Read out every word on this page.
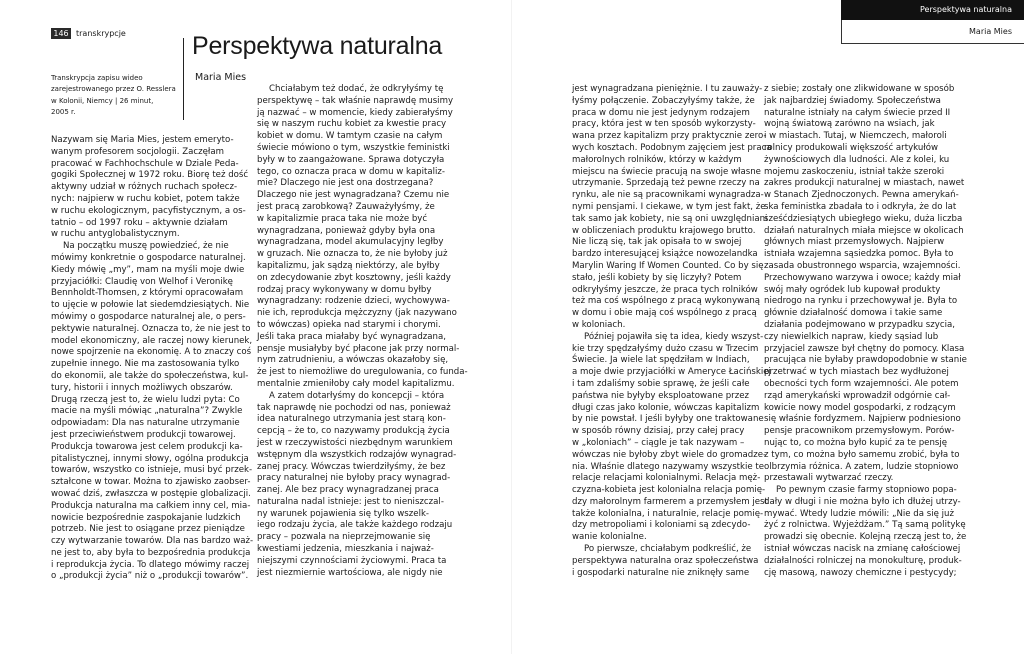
146 transkrypcje	Perspektywa naturalna
Maria Mies
Transkrypcja zapisu wideo
zarejestrowanego przez O. Resslera
w Kolonii, Niemcy | 26 minut,
2005 r.
Nazywam się Maria Mies, jestem emeryto-
wanym profesorem socjologii. Zaczęłam
pracować w Fachhochschule w Dziale Peda-
gogiki Społecznej w 1972 roku. Biorę też dość
aktywny udział w różnych ruchach społecz-
nych: najpierw w ruchu kobiet, potem także
w ruchu ekologicznym, pacyfistycznym, a os-
tatnio – od 1997 roku – aktywnie działam
w ruchu antyglobalistycznym.
Na początku muszę powiedzieć, że nie
mówimy konkretnie o gospodarce naturalnej.
Kiedy mówię „my”, mam na myśli moje dwie
przyjaciółki: Claudię von Welhof i Veronikę
Bennholdt-Thomsen, z którymi opracowałam
to ujęcie w połowie lat siedemdziesiątych. Nie
mówimy o gospodarce naturalnej ale, o pers-
pektywie naturalnej. Oznacza to, że nie jest to
model ekonomiczny, ale raczej nowy kierunek,
nowe spojrzenie na ekonomię. A to znaczy coś
zupełnie innego. Nie ma zastosowania tylko
do ekonomii, ale także do społeczeństwa, kul-
tury, historii i innych możliwych obszarów.
Drugą rzeczą jest to, że wielu ludzi pyta: Co
macie na myśli mówiąc „naturalna”? Zwykle
odpowiadam: Dla nas naturalne utrzymanie
jest przeciwieństwem produkcji towarowej.
Produkcja towarowa jest celem produkcji ka-
pitalistycznej, innymi słowy, ogólna produkcja
towarów, wszystko co istnieje, musi być przek-
ształcone w towar. Można to zjawisko zaobser-
wować dziś, zwłaszcza w postępie globalizacji.
Produkcja naturalna ma całkiem inny cel, mia-
nowicie bezpośrednie zaspokajanie ludzkich
potrzeb. Nie jest to osiągane przez pieniądze
czy wytwarzanie towarów. Dla nas bardzo waż-
ne jest to, aby była to bezpośrednia produkcja
i reprodukcja życia. To dlatego mówimy raczej
o „produkcji życia” niż o „produkcji towarów”.
Chciałabym też dodać, że odkryłyśmy tę
perspektywę – tak właśnie naprawdę musimy
ją nazwać – w momencie, kiedy zabierałyśmy
się w naszym ruchu kobiet za kwestie pracy
kobiet w domu. W tamtym czasie na całym
świecie mówiono o tym, wszystkie feministki
były w to zaangażowane. Sprawa dotyczyła
tego, co oznacza praca w domu w kapitaliz-
mie? Dlaczego nie jest ona dostrzegana?
Dlaczego nie jest wynagradzana? Czemu nie
jest pracą zarobkową? Zauważyłyśmy, że
w kapitalizmie praca taka nie może być
wynagradzana, ponieważ gdyby była ona
wynagradzana, model akumulacyjny ległby
w gruzach. Nie oznacza to, że nie byłoby już
kapitalizmu, jak sądzą niektórzy, ale byłby
on zdecydowanie zbyt kosztowny, jeśli każdy
rodzaj pracy wykonywany w domu byłby
wynagradzany: rodzenie dzieci, wychowywa-
nie ich, reprodukcja mężczyzny (jak nazywano
to wówczas) opieka nad starymi i chorymi.
Jeśli taka praca miałaby być wynagradzana,
pensje musiałyby być płacone jak przy normal-
nym zatrudnieniu, a wówczas okazałoby się,
że jest to niemożliwe do uregulowania, co funda-
mentalnie zmieniłoby cały model kapitalizmu.
A zatem dotarłyśmy do koncepcji – która
tak naprawdę nie pochodzi od nas, ponieważ
idea naturalnego utrzymania jest starą kon-
cepcją – że to, co nazywamy produkcją życia
jest w rzeczywistości niezbędnym warunkiem
wstępnym dla wszystkich rodzajów wynagrad-
zanej pracy. Wówczas twierdziłyśmy, że bez
pracy naturalnej nie byłoby pracy wynagrad-
zanej. Ale bez pracy wynagradzanej praca
naturalna nadal istnieje: jest to nieniszczal-
ny warunek pojawienia się tylko wszelk-
iego rodzaju życia, ale także każdego rodzaju
pracy – pozwala na nieprzejmowanie się
kwestiami jedzenia, mieszkania i najważ-
niejszymi czynnościami życiowymi. Praca ta
jest niezmiernie wartościowa, ale nigdy nie
Perspektywa naturalna
Maria Mies
jest wynagradzana pieniężnie. I tu zauważy-
łyśmy połączenie. Zobaczyłyśmy także, że
praca w domu nie jest jedynym rodzajem
pracy, która jest w ten sposób wykorzysty-
wana przez kapitalizm przy praktycznie zero-
wych kosztach. Podobnym zajęciem jest praca
małorolnych rolników, którzy w każdym
miejscu na świecie pracują na swoje własne
utrzymanie. Sprzedają też pewne rzeczy na
rynku, ale nie są pracownikami wynagradza-
nymi pensjami. I ciekawe, w tym jest fakt, że
tak samo jak kobiety, nie są oni uwzględniani
w obliczeniach produktu krajowego brutto.
Nie liczą się, tak jak opisała to w swojej
bardzo interesującej książce nowozelandka
Marylin Waring If Women Counted. Co by się
stało, jeśli kobiety by się liczyły? Potem
odkryłyśmy jeszcze, że praca tych rolników
też ma coś wspólnego z pracą wykonywaną
w domu i obie mają coś wspólnego z pracą
w koloniach.
Później pojawiła się ta idea, kiedy wszyst-
kie trzy spędzałyśmy dużo czasu w Trzecim
Świecie. Ja wiele lat spędziłam w Indiach,
a moje dwie przyjaciółki w Ameryce Łacińskiej
i tam zdaliśmy sobie sprawę, że jeśli całe
państwa nie byłyby eksploatowane przez
długi czas jako kolonie, wówczas kapitalizm
by nie powstał. I jeśli byłyby one traktowane
w sposób równy dzisiaj, przy całej pracy
w „koloniach” – ciągle je tak nazywam –
wówczas nie byłoby zbyt wiele do gromadze-
nia. Właśnie dlatego nazywamy wszystkie te
relacje relacjami kolonialnymi. Relacja męż-
czyzna-kobieta jest kolonialna relacja pomię-
dzy małorolnym farmerem a przemysłem jest
także kolonialna, i naturalnie, relacje pomię-
dzy metropoliami i koloniami są zdecydo-
wanie kolonialne.
Po pierwsze, chciałabym podkreślić, że
perspektywa naturalna oraz społeczeństwa
i gospodarki naturalne nie zniknęły same
z siebie; zostały one zlikwidowane w sposób
jak najbardziej świadomy. Społeczeństwa
naturalne istniały na całym świecie przed II
wojną światową zarówno na wsiach, jak
i w miastach. Tutaj, w Niemczech, małoroli
rolnicy produkowali większość artykułów
żywnościowych dla ludności. Ale z kolei, ku
mojemu zaskoczeniu, istniał także szeroki
zakres produkcji naturalnej w miastach, nawet
w Stanach Zjednoczonych. Pewna amerykań-
ska feministka zbadała to i odkryła, że do lat
sześćdziesiątych ubiegłego wieku, duża liczba
działań naturalnych miała miejsce w okolicach
głównych miast przemysłowych. Najpierw
istniała wzajemna sąsiedzka pomoc. Była to
zasada obustronnego wsparcia, wzajemności.
Przechowywano warzywa i owoce; każdy miał
swój mały ogródek lub kupował produkty
niedrogo na rynku i przechowywał je. Była to
głównie działalność domowa i takie same
działania podejmowano w przypadku szycia,
czy niewielkich napraw, kiedy sąsiad lub
przyjaciel zawsze był chętny do pomocy. Klasa
pracująca nie byłaby prawdopodobnie w stanie
przetrwać w tych miastach bez wydłużonej
obecności tych form wzajemności. Ale potem
rząd amerykański wprowadził odgórnie cał-
kowicie nowy model gospodarki, z rodzącym
się właśnie fordyzmem. Najpierw podniesiono
pensje pracownikom przemysłowym. Porów-
nując to, co można było kupić za te pensję
z tym, co można było samemu zrobić, była to
olbrzymia różnica. A zatem, ludzie stopniowo
przestawali wytwarzać rzeczy.
Po pewnym czasie farmy stopniowo popa-
dały w długi i nie można było ich dłużej utrzy-
mywać. Wtedy ludzie mówili: „Nie da się już
żyć z rolnictwa. Wyjeżdżam.” Tą samą politykę
prowadzi się obecnie. Kolejną rzeczą jest to, że
istniał wówczas nacisk na zmianę całościowej
działalności rolniczej na monokulturę, produk-
cję masową, nawozy chemiczne i pestycydy;
